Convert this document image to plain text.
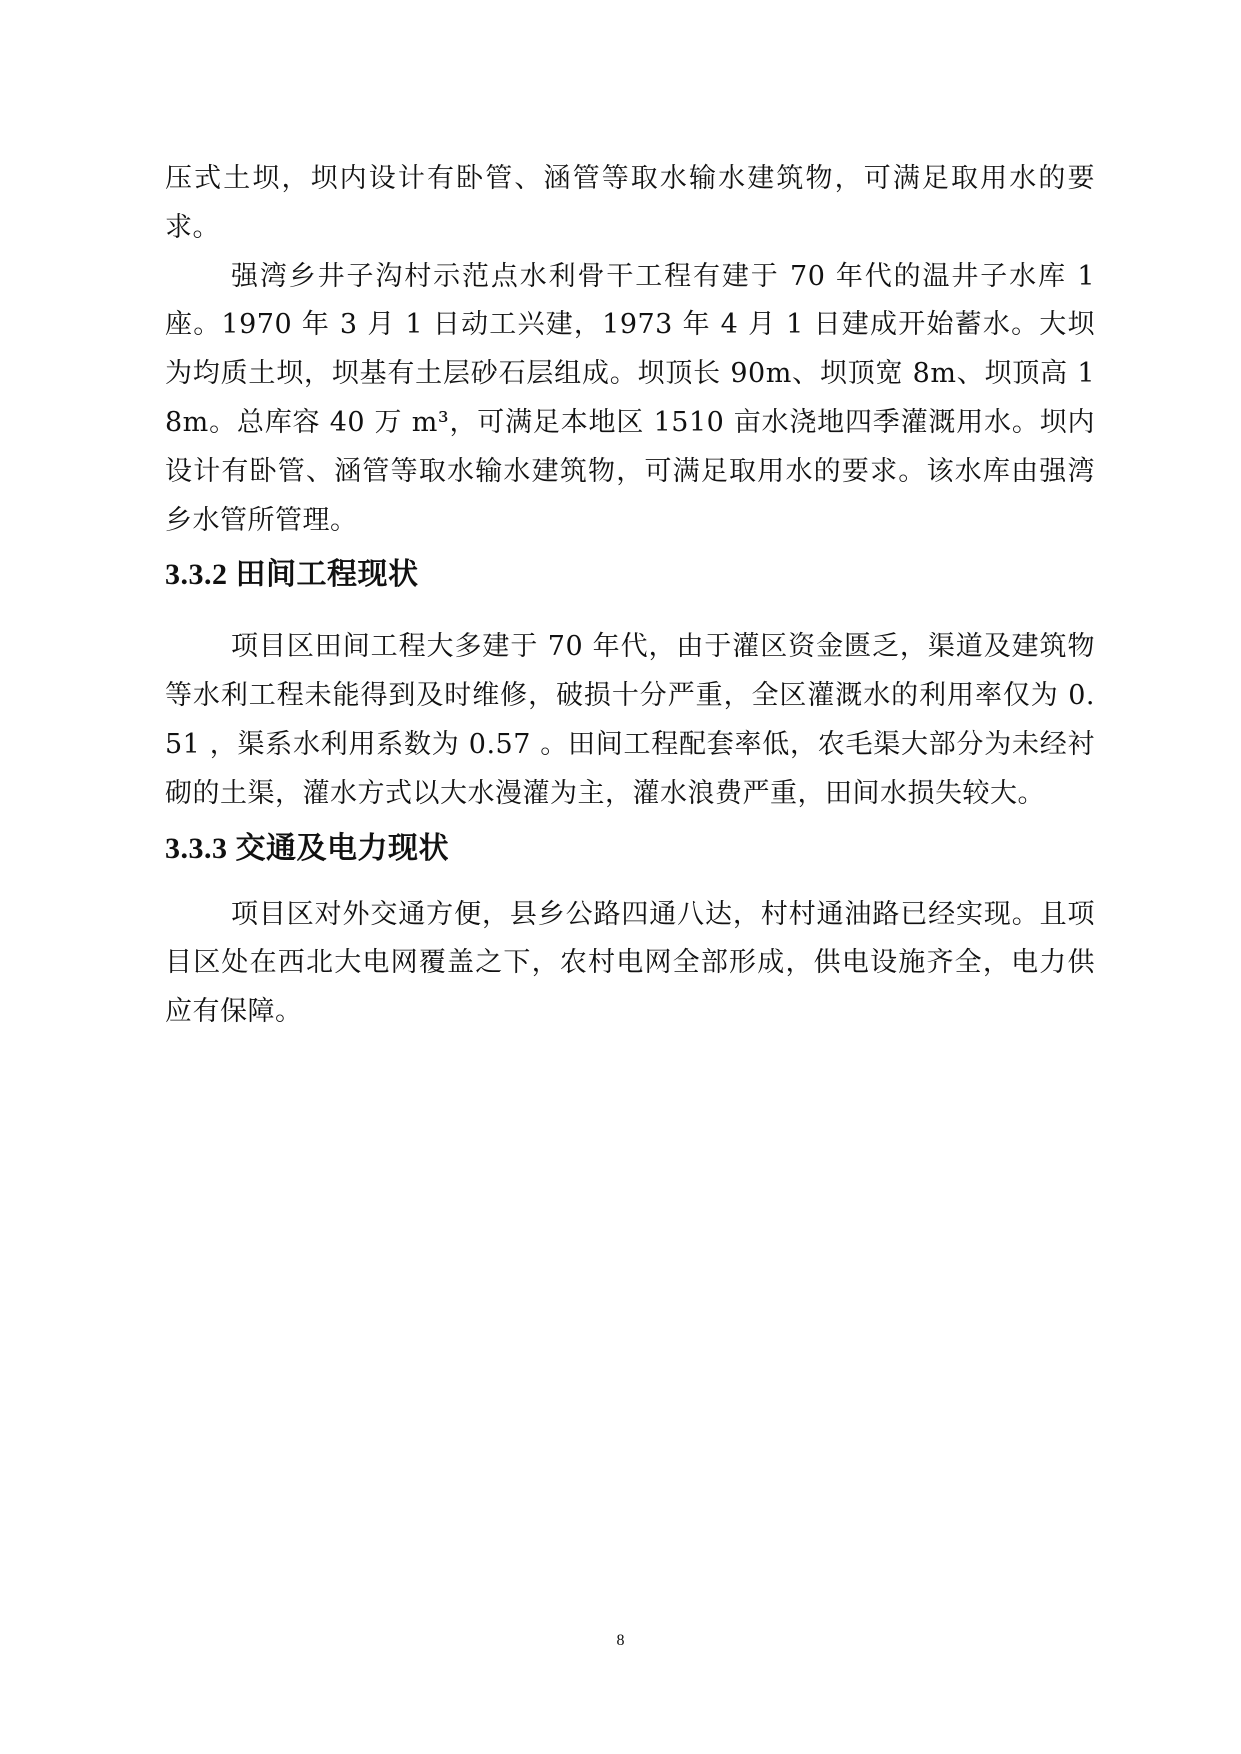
压式土坝，坝内设计有卧管、涵管等取水输水建筑物，可满足取用水的要求。

强湾乡井子沟村示范点水利骨干工程有建于 70 年代的温井子水库 1 座。1970 年 3 月 1 日动工兴建，1973 年 4 月 1 日建成开始蓄水。大坝为均质土坝，坝基有土层砂石层组成。坝顶长 90m、坝顶宽 8m、坝顶高 18m。总库容 40 万 m³，可满足本地区 1510 亩水浇地四季灌溉用水。坝内设计有卧管、涵管等取水输水建筑物，可满足取用水的要求。该水库由强湾乡水管所管理。

3.3.2 田间工程现状

项目区田间工程大多建于 70 年代，由于灌区资金匮乏，渠道及建筑物等水利工程未能得到及时维修，破损十分严重，全区灌溉水的利用率仅为 0.51 ，渠系水利用系数为 0.57 。田间工程配套率低，农毛渠大部分为未经衬砌的土渠，灌水方式以大水漫灌为主，灌水浪费严重，田间水损失较大。

3.3.3 交通及电力现状

项目区对外交通方便，县乡公路四通八达，村村通油路已经实现。且项目区处在西北大电网覆盖之下，农村电网全部形成，供电设施齐全，电力供应有保障。

8
